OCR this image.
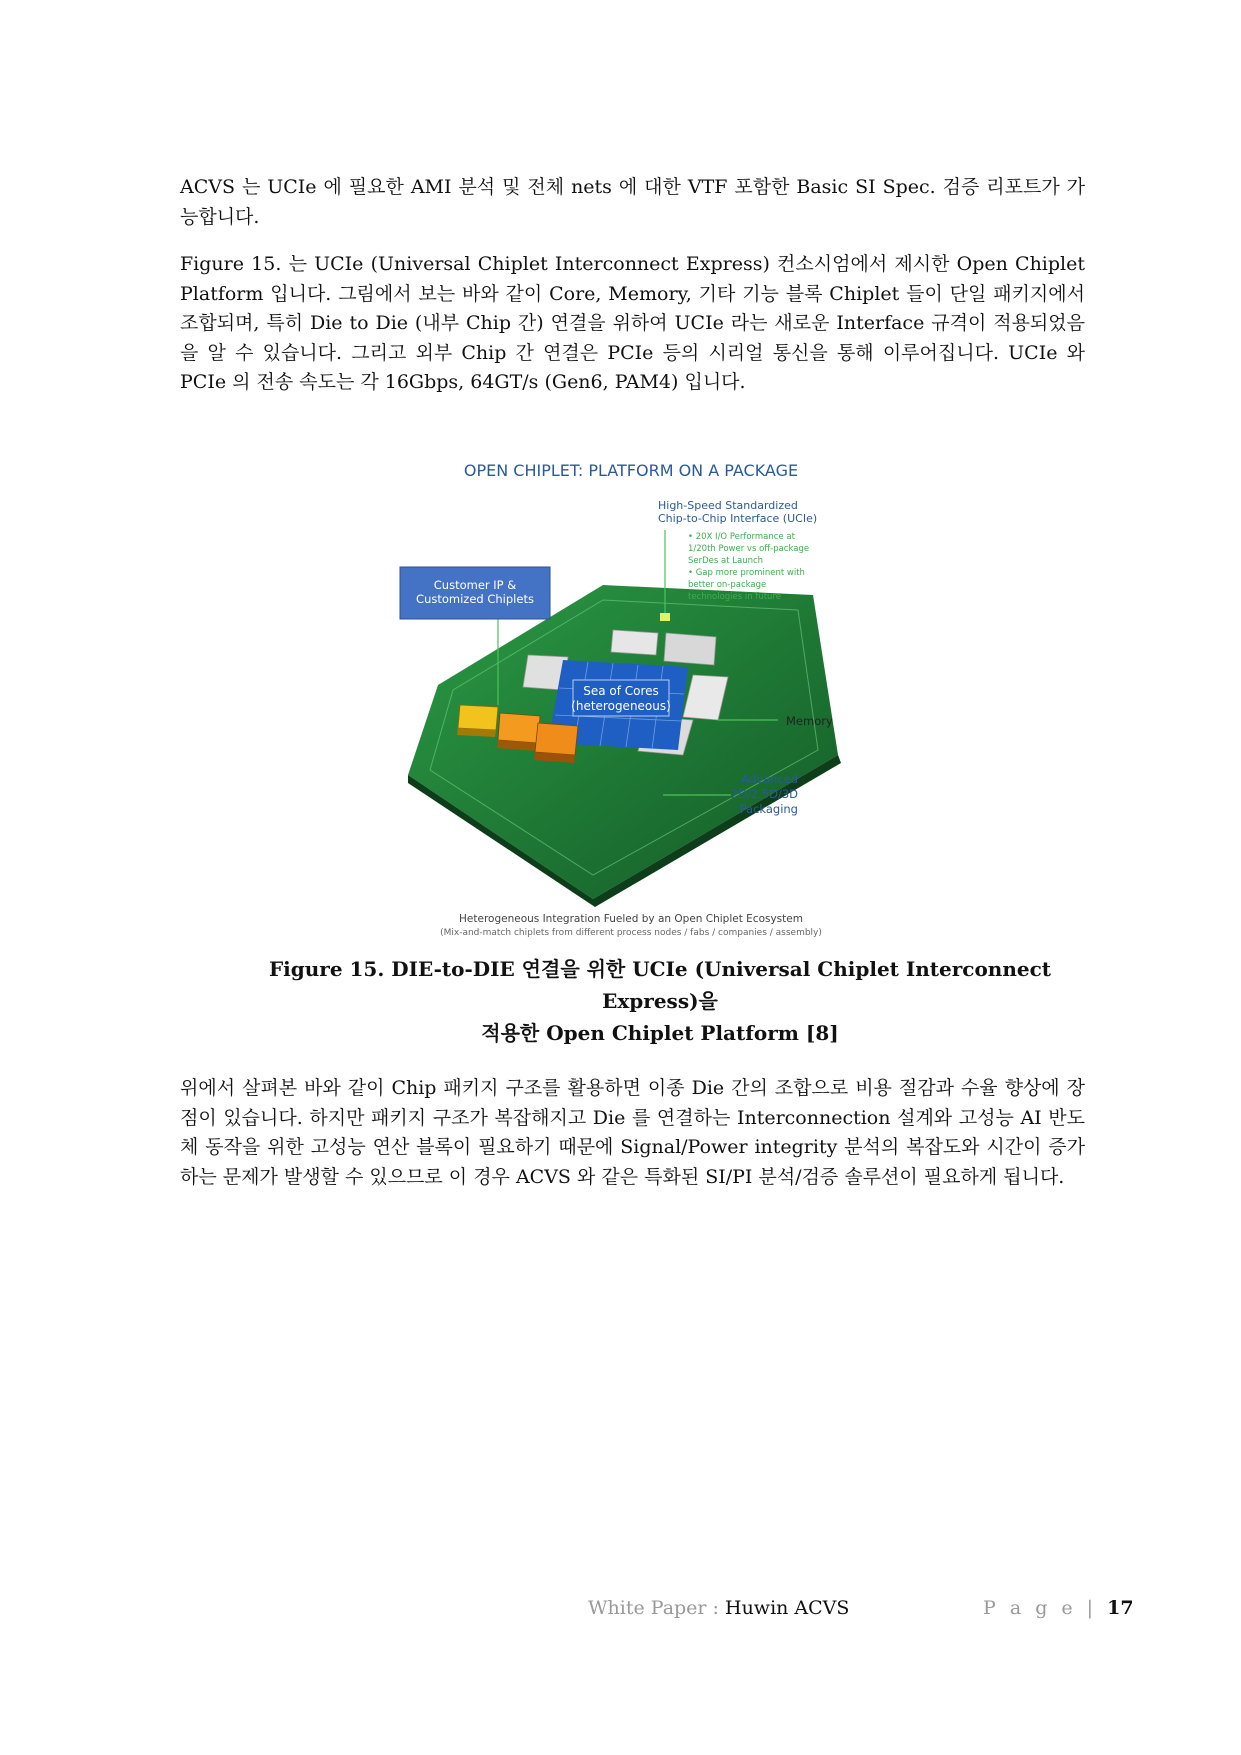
ACVS 는 UCIe 에 필요한 AMI 분석 및 전체 nets 에 대한 VTF 포함한 Basic SI Spec. 검증 리포트가 가능합니다.

Figure 15. 는 UCIe (Universal Chiplet Interconnect Express) 컨소시엄에서 제시한 Open Chiplet Platform 입니다. 그림에서 보는 바와 같이 Core, Memory, 기타 기능 블록 Chiplet 들이 단일 패키지에서 조합되며, 특히 Die to Die (내부 Chip 간) 연결을 위하여 UCIe 라는 새로운 Interface 규격이 적용되었음을 알 수 있습니다. 그리고 외부 Chip 간 연결은 PCIe 등의 시리얼 통신을 통해 이루어집니다. UCIe 와 PCIe 의 전송 속도는 각 16Gbps, 64GT/s (Gen6, PAM4) 입니다.

OPEN CHIPLET: PLATFORM ON A PACKAGE
Sea of Cores
(heterogeneous)
High-Speed Standardized
Chip-to-Chip Interface (UCIe)
• 20X I/O Performance at
1/20th Power vs off-package
SerDes at Launch
• Gap more prominent with
better on-package
technologies in future
Customer IP &
Customized Chiplets
Memory
Advanced
2D/2.5D/3D
Packaging
Heterogeneous Integration Fueled by an Open Chiplet Ecosystem
(Mix-and-match chiplets from different process nodes / fabs / companies / assembly)
Figure 15. DIE-to-DIE 연결을 위한 UCIe (Universal Chiplet Interconnect Express)을
적용한 Open Chiplet Platform [8]

위에서 살펴본 바와 같이 Chip 패키지 구조를 활용하면 이종 Die 간의 조합으로 비용 절감과 수율 향상에 장점이 있습니다. 하지만 패키지 구조가 복잡해지고 Die 를 연결하는 Interconnection 설계와 고성능 AI 반도체 동작을 위한 고성능 연산 블록이 필요하기 때문에 Signal/Power integrity 분석의 복잡도와 시간이 증가하는 문제가 발생할 수 있으므로 이 경우 ACVS 와 같은 특화된 SI/PI 분석/검증 솔루션이 필요하게 됩니다.

White Paper : Huwin ACVS	P a g e | 17
